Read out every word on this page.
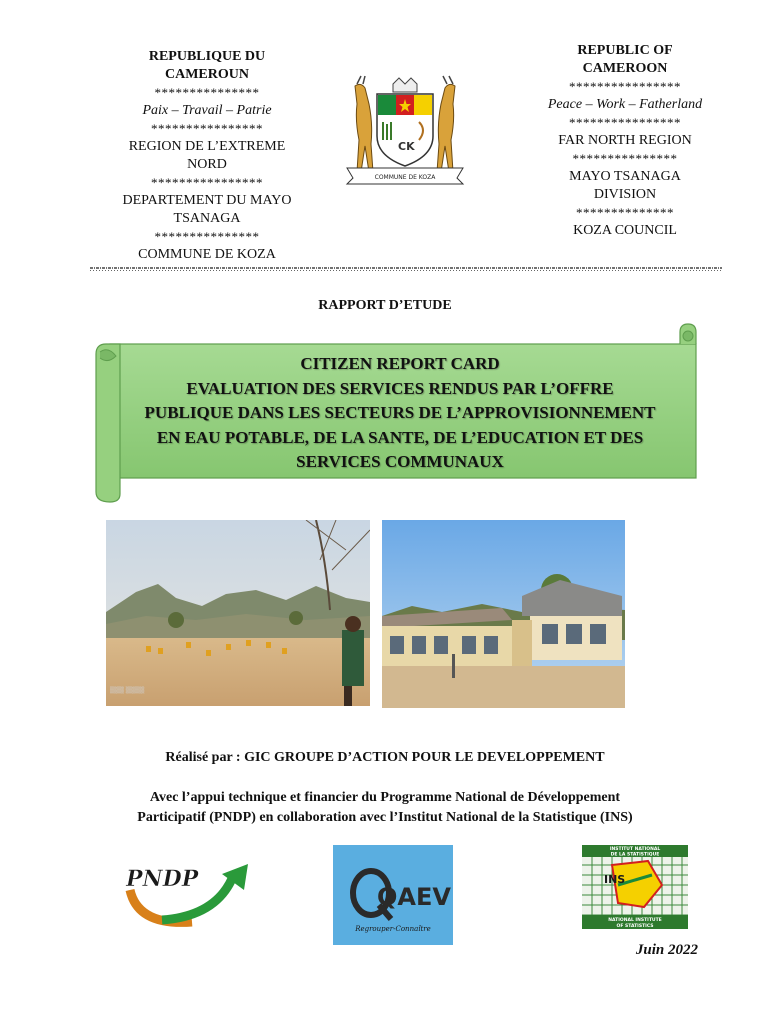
REPUBLIQUE DU
CAMEROUN
***************
Paix – Travail – Patrie
****************
REGION DE L’EXTREME
NORD
****************
DEPARTEMENT DU MAYO
TSANAGA
***************
COMMUNE DE KOZA
REPUBLIC OF
CAMEROON
****************
Peace – Work – Fatherland
****************
FAR NORTH REGION
***************
MAYO TSANAGA
DIVISION
**************
KOZA COUNCIL
CK
COMMUNE DE KOZA
RAPPORT D’ETUDE
CITIZEN REPORT CARD
EVALUATION DES SERVICES RENDUS PAR L’OFFRE
PUBLIQUE DANS LES SECTEURS DE L’APPROVISIONNEMENT
EN EAU POTABLE, DE LA SANTE, DE L’EDUCATION ET DES
SERVICES COMMUNAUX
▒▒▒ ▒▒▒▒
Réalisé par : GIC GROUPE D’ACTION POUR LE DEVELOPPEMENT
Avec l’appui technique et financier du Programme National de Développement
Participatif (PNDP) en collaboration avec l’Institut National de la Statistique (INS)
PNDP
QAEV
Regrouper-Connaître
INSTITUT NATIONAL
DE LA STATISTIQUE
INS
NATIONAL INSTITUTE
OF STATISTICS
Juin 2022
